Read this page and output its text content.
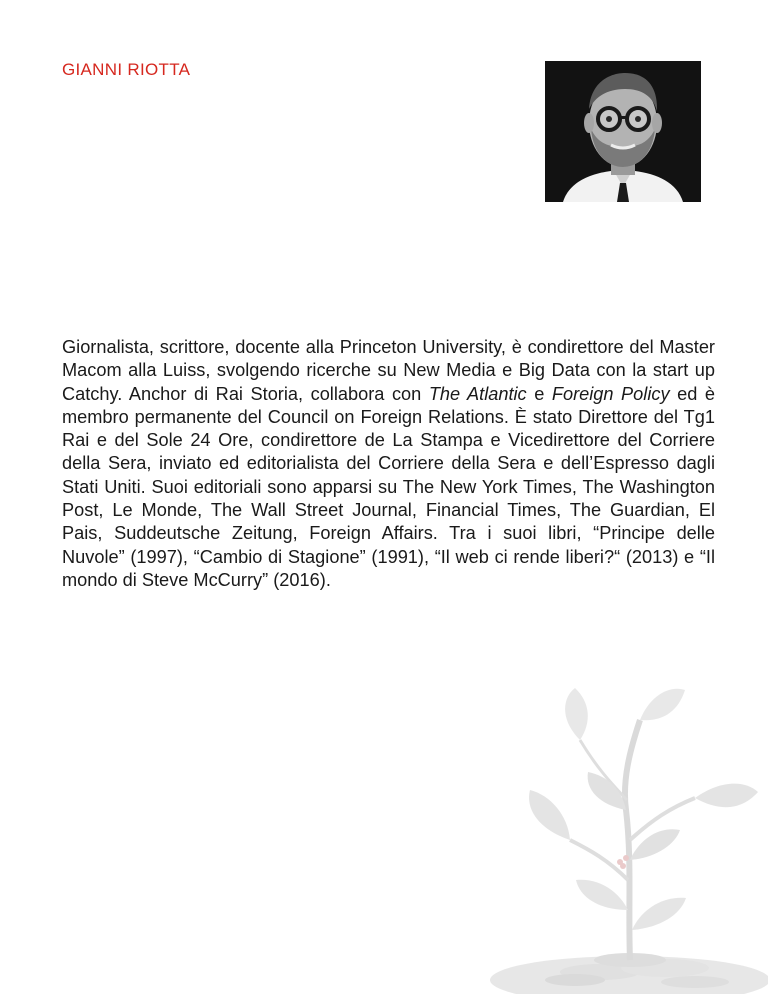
GIANNI RIOTTA

Giornalista, scrittore, docente alla Princeton University, è condirettore del Master Macom alla Luiss, svolgendo ricerche su New Media e Big Data con la start up Catchy. Anchor di Rai Storia, collabora con The Atlantic e Foreign Policy ed è membro permanente del Council on Foreign Relations. È stato Direttore del Tg1 Rai e del Sole 24 Ore, condirettore de La Stampa e Vicedirettore del Corriere della Sera, inviato ed editorialista del Corriere della Sera e dell’Espresso dagli Stati Uniti. Suoi editoriali sono apparsi su The New York Times, The Washington Post, Le Monde, The Wall Street Journal, Financial Times, The Guardian, El Pais, Suddeutsche Zeitung, Foreign Affairs. Tra i suoi libri, “Principe delle Nuvole” (1997), “Cambio di Stagione” (1991), “Il web ci rende liberi?“ (2013) e “Il mondo di Steve McCurry” (2016).
